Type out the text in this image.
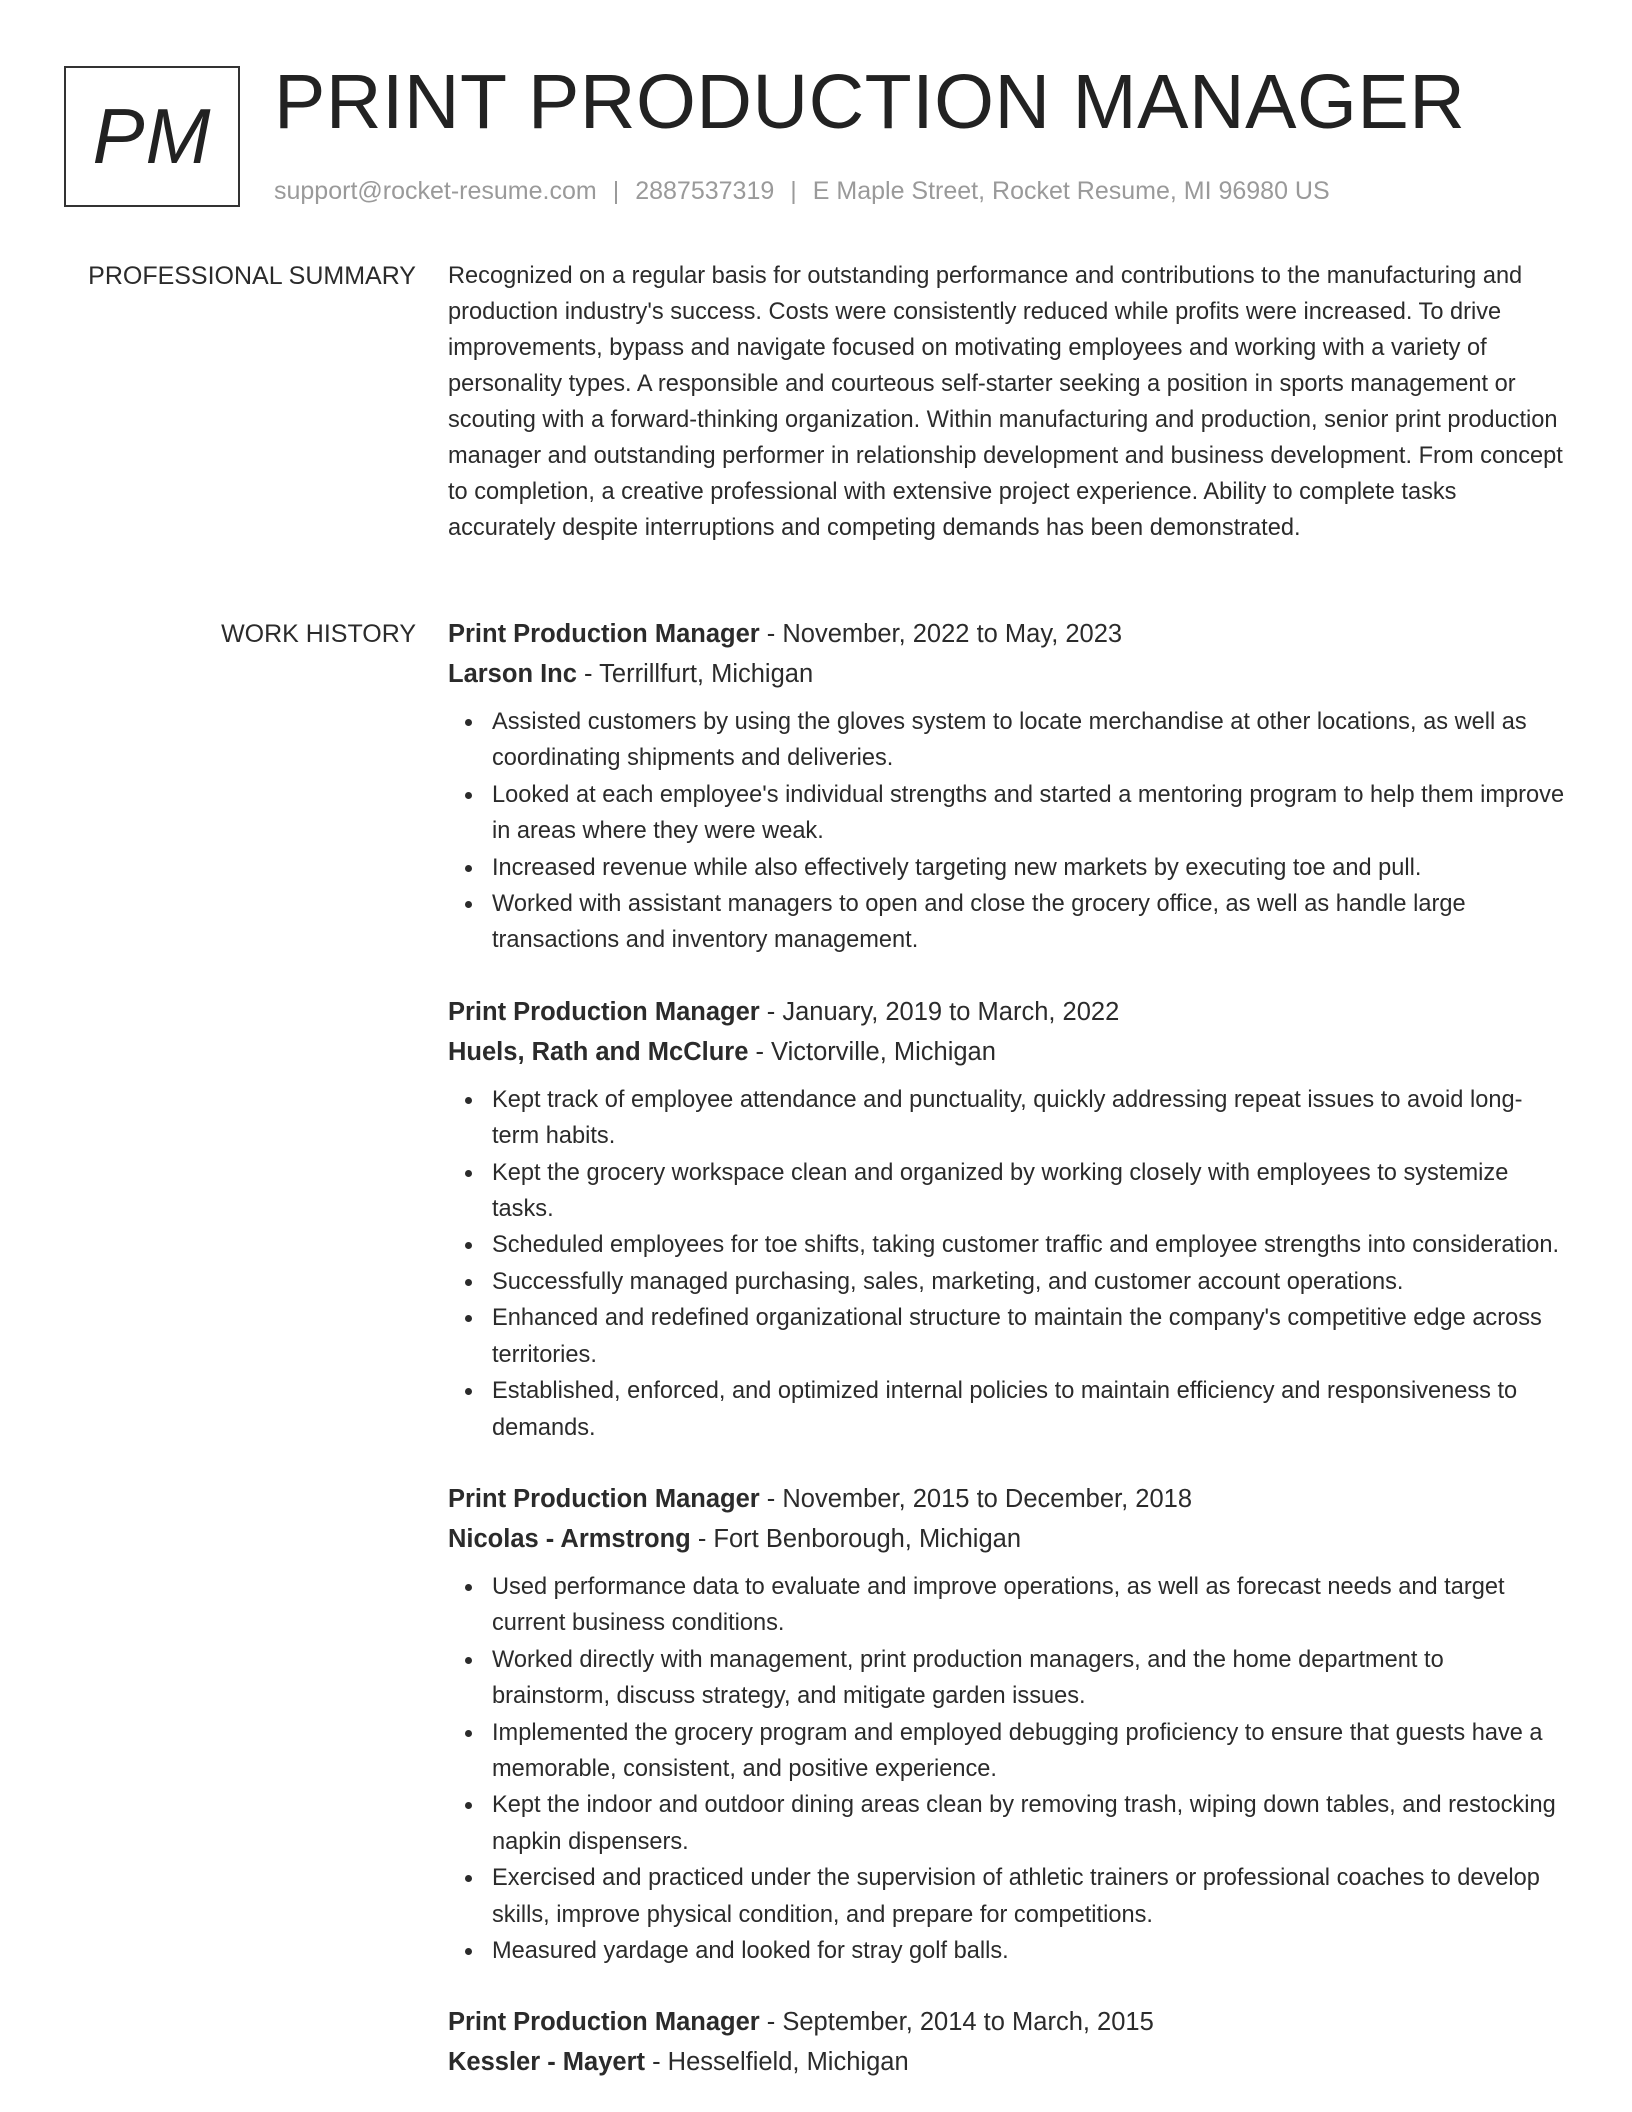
PM PRINT PRODUCTION MANAGER
support@rocket-resume.com | 2887537319 | E Maple Street, Rocket Resume, MI 96980 US
PROFESSIONAL SUMMARY Recognized on a regular basis for outstanding performance and contributions to the manufacturing and production industry's success. Costs were consistently reduced while profits were increased. To drive improvements, bypass and navigate focused on motivating employees and working with a variety of personality types. A responsible and courteous self-starter seeking a position in sports management or scouting with a forward-thinking organization. Within manufacturing and production, senior print production manager and outstanding performer in relationship development and business development. From concept to completion, a creative professional with extensive project experience. Ability to complete tasks accurately despite interruptions and competing demands has been demonstrated.

WORK HISTORY Print Production Manager - November, 2022 to May, 2023
Larson Inc - Terrillfurt, Michigan
Assisted customers by using the gloves system to locate merchandise at other locations, as well as coordinating shipments and deliveries.
Looked at each employee's individual strengths and started a mentoring program to help them improve in areas where they were weak.
Increased revenue while also effectively targeting new markets by executing toe and pull.
Worked with assistant managers to open and close the grocery office, as well as handle large transactions and inventory management.
Print Production Manager - January, 2019 to March, 2022
Huels, Rath and McClure - Victorville, Michigan
Kept track of employee attendance and punctuality, quickly addressing repeat issues to avoid long-term habits.
Kept the grocery workspace clean and organized by working closely with employees to systemize tasks.
Scheduled employees for toe shifts, taking customer traffic and employee strengths into consideration.
Successfully managed purchasing, sales, marketing, and customer account operations.
Enhanced and redefined organizational structure to maintain the company's competitive edge across territories.
Established, enforced, and optimized internal policies to maintain efficiency and responsiveness to demands.
Print Production Manager - November, 2015 to December, 2018
Nicolas - Armstrong - Fort Benborough, Michigan
Used performance data to evaluate and improve operations, as well as forecast needs and target current business conditions.
Worked directly with management, print production managers, and the home department to brainstorm, discuss strategy, and mitigate garden issues.
Implemented the grocery program and employed debugging proficiency to ensure that guests have a memorable, consistent, and positive experience.
Kept the indoor and outdoor dining areas clean by removing trash, wiping down tables, and restocking napkin dispensers.
Exercised and practiced under the supervision of athletic trainers or professional coaches to develop skills, improve physical condition, and prepare for competitions.
Measured yardage and looked for stray golf balls.
Print Production Manager - September, 2014 to March, 2015
Kessler - Mayert - Hesselfield, Michigan
